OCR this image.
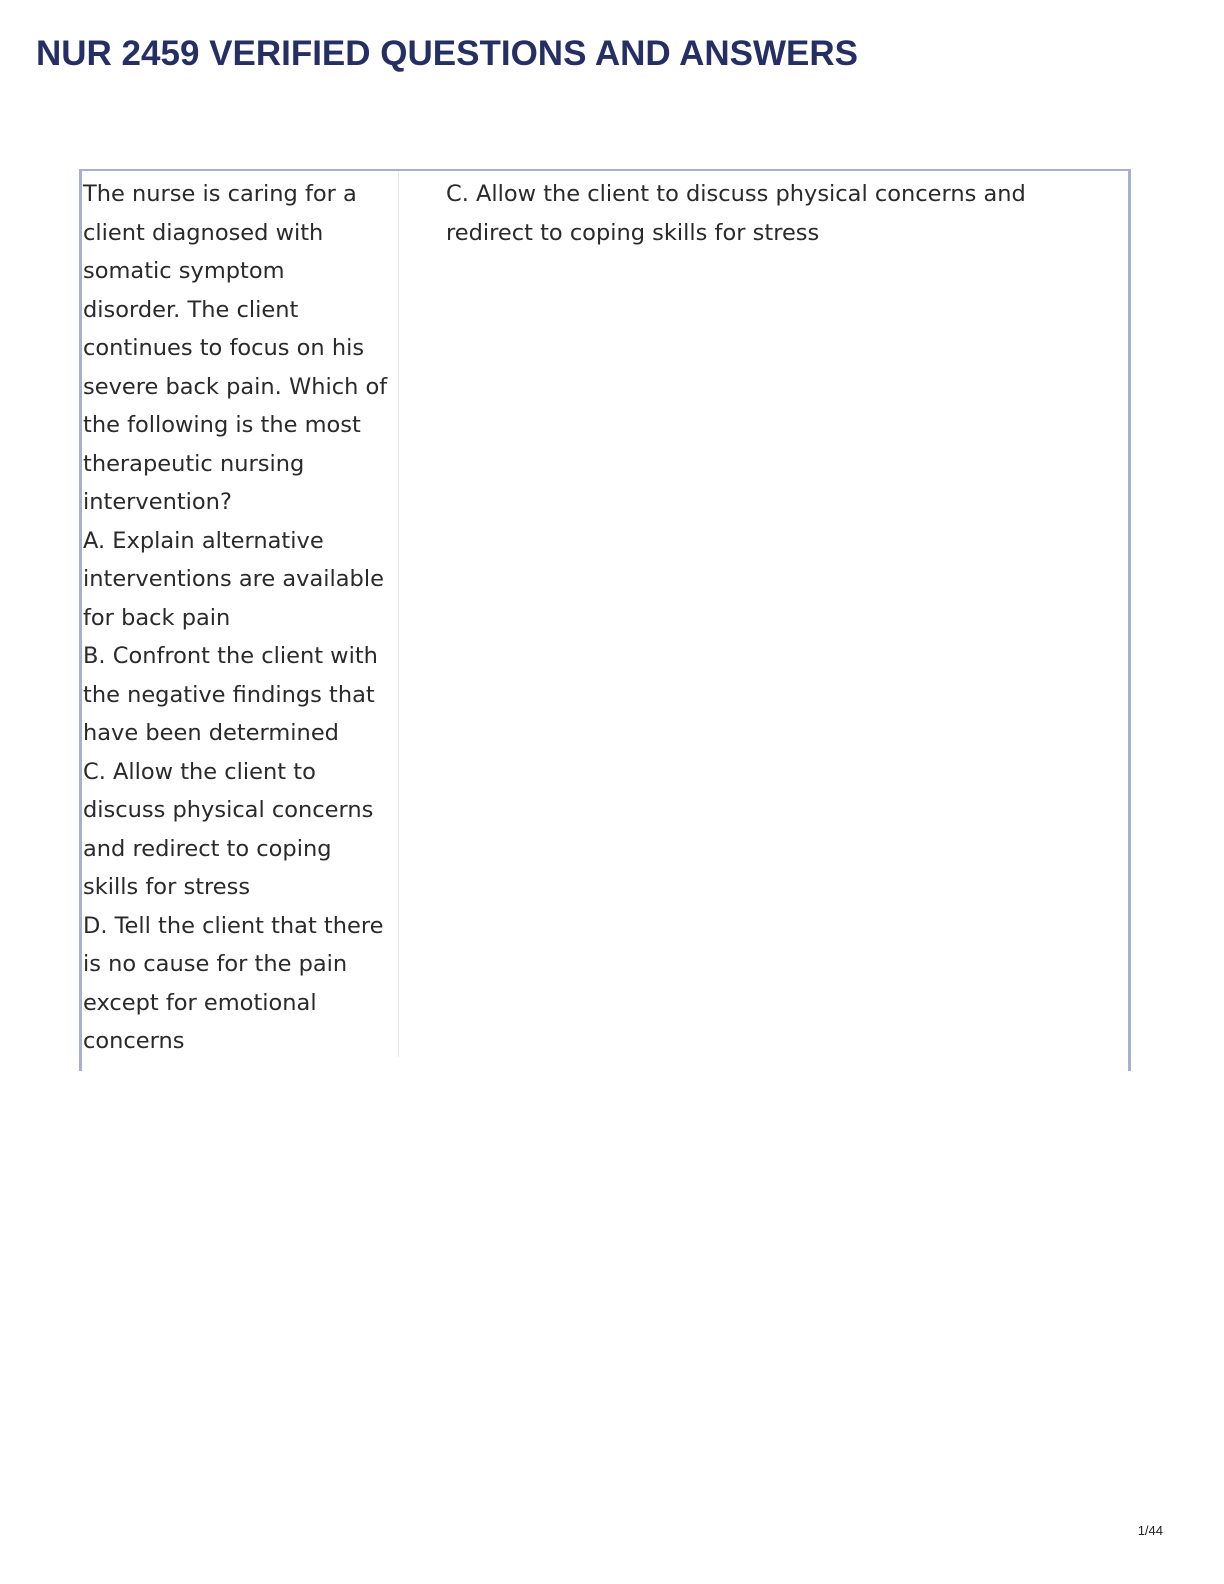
NUR 2459 VERIFIED QUESTIONS AND ANSWERS

The nurse is caring for a
client diagnosed with
somatic symptom
disorder. The client
continues to focus on his
severe back pain. Which of
the following is the most
therapeutic nursing
intervention?
A. Explain alternative
interventions are available
for back pain
B. Confront the client with
the negative findings that
have been determined
C. Allow the client to
discuss physical concerns
and redirect to coping
skills for stress
D. Tell the client that there
is no cause for the pain
except for emotional
concerns

C. Allow the client to discuss physical concerns and
redirect to coping skills for stress

1/44
